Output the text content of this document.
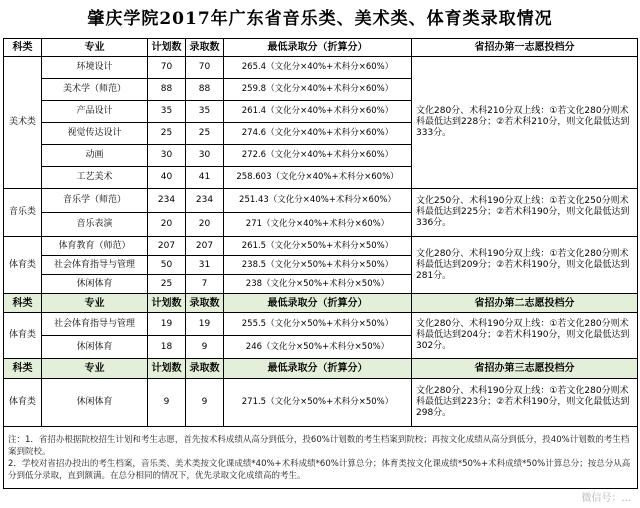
肇庆学院2017年广东省音乐类、美术类、体育类录取情况
科类	专业	计划数	录取数	最低录取分（折算分）	省招办第一志愿投档分
美术类	环境设计	70	70	265.4（文化分×40%+术科分×60%）	文化280分、术科210分双上线：①若文化280分则术科最低达到228分；②若术科210分，则文化最低达到333分。
	美术学（师范）	88	88	259.8（文化分×40%+术科分×60%）	
	产品设计	35	35	261.4（文化分×40%+术科分×60%）	
	视觉传达设计	25	25	274.6（文化分×40%+术科分×60%）	
	动画	30	30	272.6（文化分×40%+术科分×60%）	
	工艺美术	40	41	258.603（文化分×40%+术科分×60%）	
音乐类	音乐学（师范）	234	234	251.43（文化分×40%+术科分×60%）	文化250分、术科190分双上线：①若文化250分则术科最低达到225分；②若术科190分，则文化最低达到336分。
	音乐表演	20	20	271（文化分×40%+术科分×60%）	
体育类	体育教育（师范）	207	207	261.5（文化分×50%+术科分×50%）	文化280分、术科190分双上线：①若文化280分则术科最低达到209分；②若术科190分，则文化最低达到281分。
	社会体育指导与管理	50	31	238.5（文化分×50%+术科分×50%）	
	休闲体育	25	7	238（文化分×50%+术科分×50%）	
科类	专业	计划数	录取数	最低录取分（折算分）	省招办第二志愿投档分
体育类	社会体育指导与管理	19	19	255.5（文化分×50%+术科分×50%）	文化280分、术科190分双上线：①若文化280分则术科最低达到204分；②若术科190分，则文化最低达到302分。
	休闲体育	18	9	246（文化分×50%+术科分×50%）	
科类	专业	计划数	录取数	最低录取分（折算分）	省招办第三志愿投档分
体育类	休闲体育	9	9	271.5（文化分×50%+术科分×50%）	文化280分、术科190分双上线：①若文化280分则术科最低达到223分；②若术科190分，则文化最低达到298分。
注：1．省招办根据院校招生计划和考生志愿，首先按术科成绩从高分到低分，投60%计划数的考生档案到院校；再按文化成绩从高分到低分，投40%计划数的考生档案到院校。
2．学校对省招办投出的考生档案，音乐类、美术类按文化课成绩*40%+术科成绩*60%计算总分；体育类按文化课成绩*50%+术科成绩*50%计算总分；按总分从高分到低分录取，直到额满。在总分相同的情况下，优先录取文化成绩高的考生。					
微信号：...
